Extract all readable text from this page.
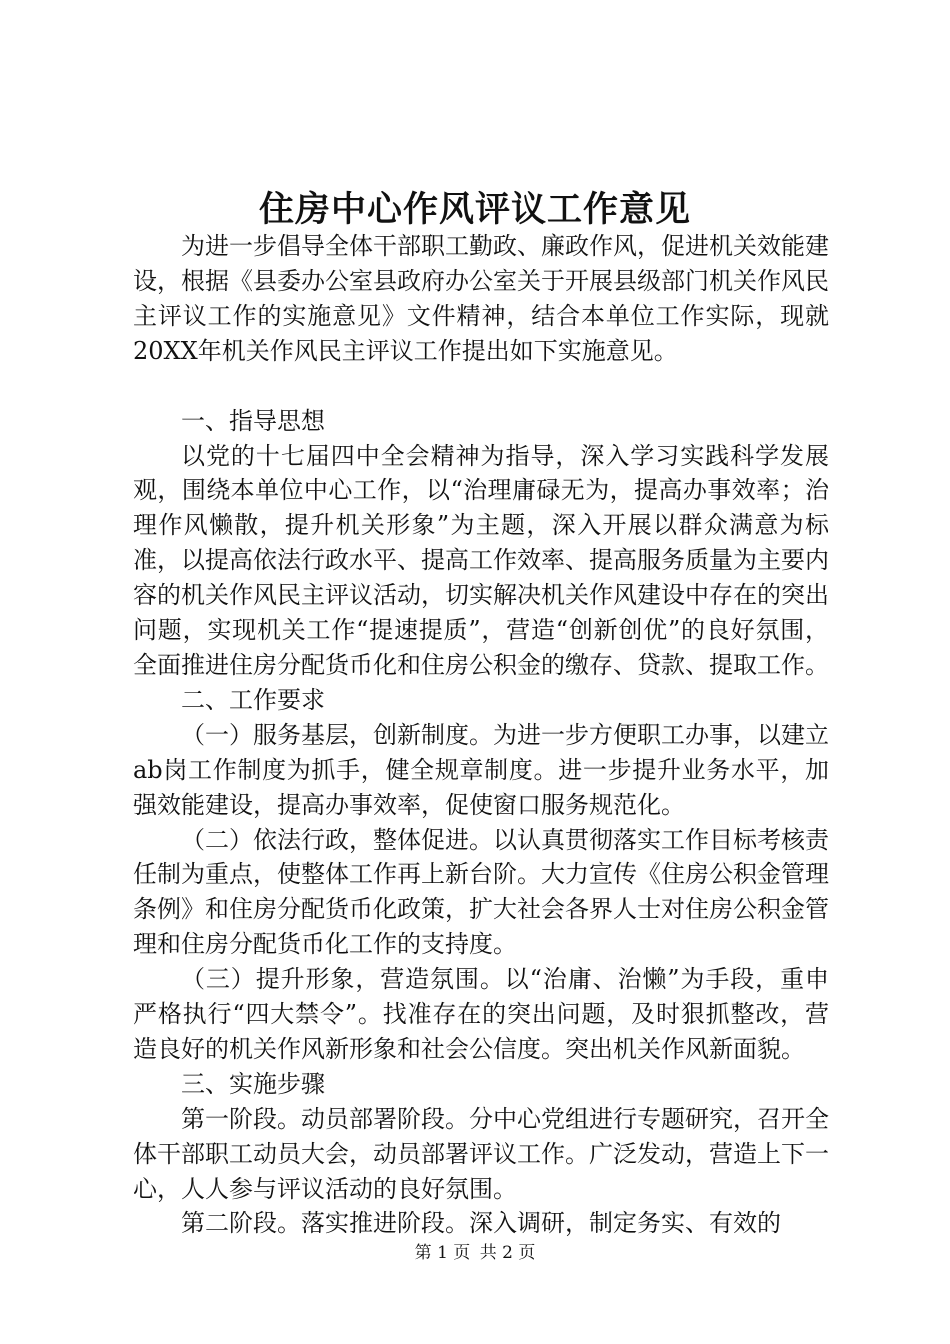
住房中心作风评议工作意见

为进一步倡导全体干部职工勤政、廉政作风，促进机关效能建设，根据《县委办公室县政府办公室关于开展县级部门机关作风民主评议工作的实施意见》文件精神，结合本单位工作实际，现就20XX年机关作风民主评议工作提出如下实施意见。

一、指导思想

以党的十七届四中全会精神为指导，深入学习实践科学发展观，围绕本单位中心工作，以“治理庸碌无为，提高办事效率；治理作风懒散，提升机关形象”为主题，深入开展以群众满意为标准，以提高依法行政水平、提高工作效率、提高服务质量为主要内容的机关作风民主评议活动，切实解决机关作风建设中存在的突出问题，实现机关工作“提速提质”，营造“创新创优”的良好氛围，全面推进住房分配货币化和住房公积金的缴存、贷款、提取工作。

二、工作要求

（一）服务基层，创新制度。为进一步方便职工办事，以建立ab岗工作制度为抓手，健全规章制度。进一步提升业务水平，加强效能建设，提高办事效率，促使窗口服务规范化。

（二）依法行政，整体促进。以认真贯彻落实工作目标考核责任制为重点，使整体工作再上新台阶。大力宣传《住房公积金管理条例》和住房分配货币化政策，扩大社会各界人士对住房公积金管理和住房分配货币化工作的支持度。

（三）提升形象，营造氛围。以“治庸、治懒”为手段，重申严格执行“四大禁令”。找准存在的突出问题，及时狠抓整改，营造良好的机关作风新形象和社会公信度。突出机关作风新面貌。

三、实施步骤

第一阶段。动员部署阶段。分中心党组进行专题研究，召开全体干部职工动员大会，动员部署评议工作。广泛发动，营造上下一心，人人参与评议活动的良好氛围。

第二阶段。落实推进阶段。深入调研，制定务实、有效的

第 1 页 共 2 页
